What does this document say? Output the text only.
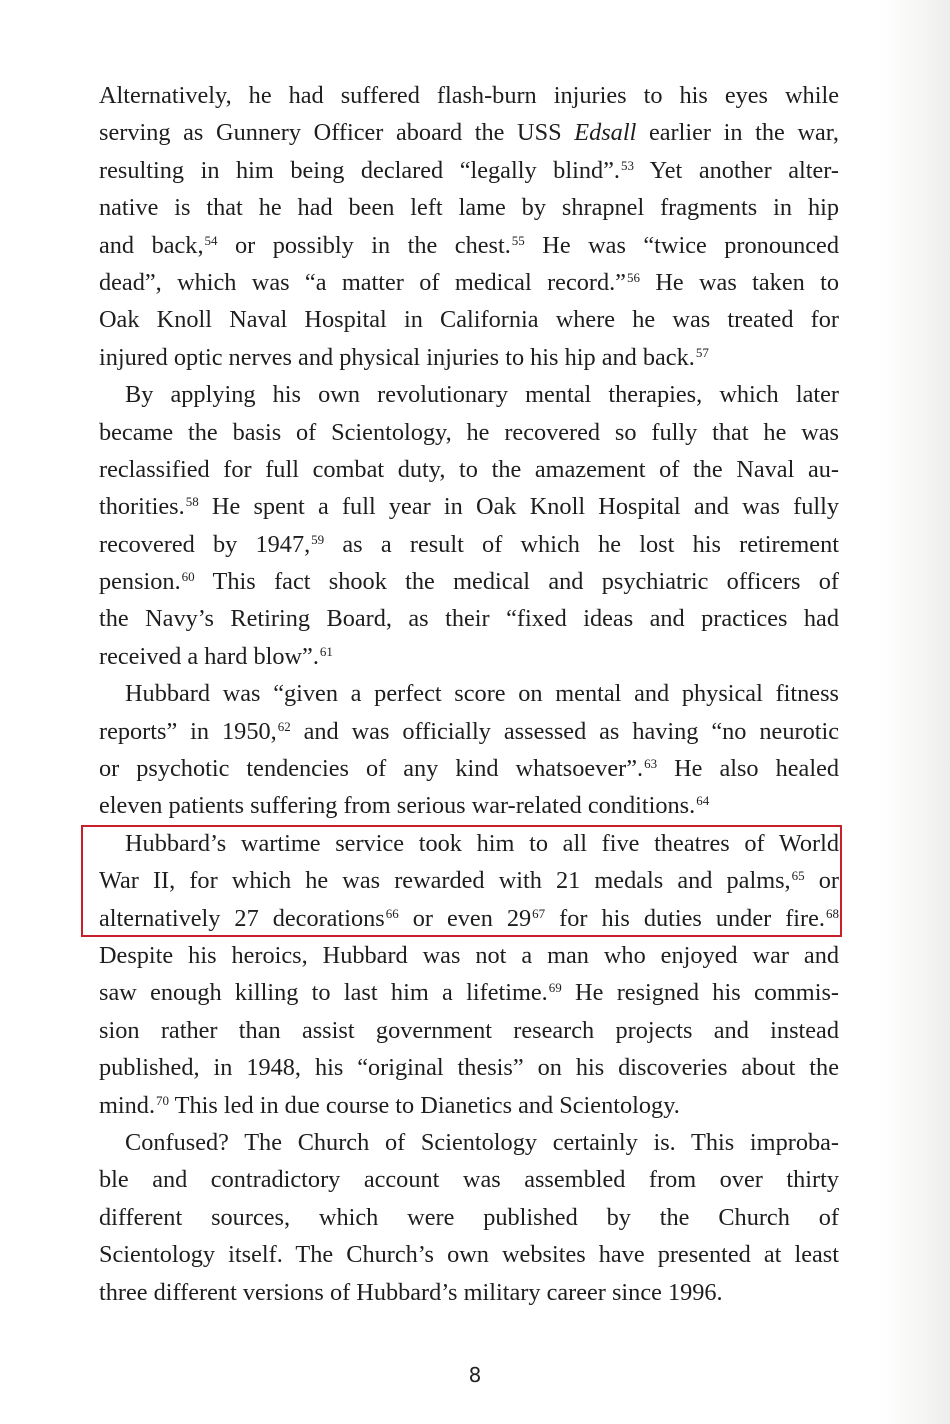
Alternatively, he had suffered flash-burn injuries to his eyes while
serving as Gunnery Officer aboard the USS Edsall earlier in the war,
resulting in him being declared “legally blind”.$^{53}$ Yet another alter-
native is that he had been left lame by shrapnel fragments in hip
and back,$^{54}$ or possibly in the chest.$^{55}$ He was “twice pronounced
dead”, which was “a matter of medical record.”$^{56}$ He was taken to
Oak Knoll Naval Hospital in California where he was treated for
injured optic nerves and physical injuries to his hip and back.$^{57}$
By applying his own revolutionary mental therapies, which later
became the basis of Scientology, he recovered so fully that he was
reclassified for full combat duty, to the amazement of the Naval au-
thorities.$^{58}$ He spent a full year in Oak Knoll Hospital and was fully
recovered by 1947,59 as a result of which he lost his retirement
pension.$^{60}$ This fact shook the medical and psychiatric officers of
the Navy’s Retiring Board, as their “fixed ideas and practices had
received a hard blow”.$^{61}$
Hubbard was “given a perfect score on mental and physical fitness
reports” in 1950,62 and was officially assessed as having “no neurotic
or psychotic tendencies of any kind whatsoever”.$^{63}$ He also healed
eleven patients suffering from serious war-related conditions.$^{64}$
Hubbard’s wartime service took him to all five theatres of World
War II, for which he was rewarded with 21 medals and palms,$^{65}$ or
alternatively 27 decorations$^{66}$ or even $29^{67}$ for his duties under fire.$^{68}$
Despite his heroics, Hubbard was not a man who enjoyed war and
saw enough killing to last him a lifetime.$^{69}$ He resigned his commis-
sion rather than assist government research projects and instead
published, in 1948, his “original thesis” on his discoveries about the
mind.$^{70}$ This led in due course to Dianetics and Scientology.
Confused? The Church of Scientology certainly is. This improba-
ble and contradictory account was assembled from over thirty
different sources, which were published by the Church of
Scientology itself. The Church’s own websites have presented at least
three different versions of Hubbard’s military career since 1996.
8
